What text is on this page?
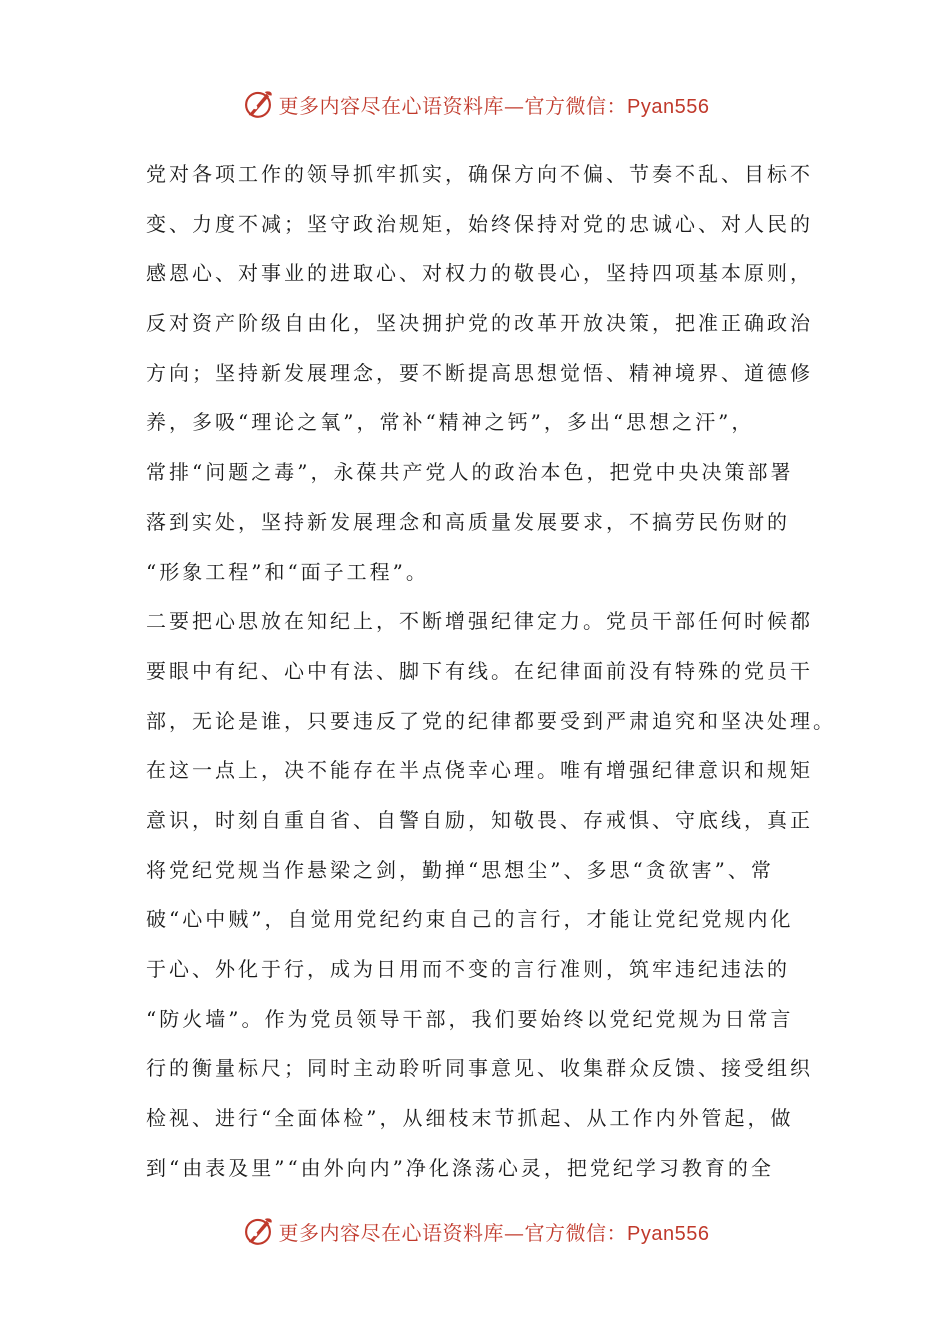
更多内容尽在心语资料库—官方微信：Pyan556
党对各项工作的领导抓牢抓实，确保方向不偏、节奏不乱、目标不
变、力度不减；坚守政治规矩，始终保持对党的忠诚心、对人民的
感恩心、对事业的进取心、对权力的敬畏心，坚持四项基本原则，
反对资产阶级自由化，坚决拥护党的改革开放决策，把准正确政治
方向；坚持新发展理念，要不断提高思想觉悟、精神境界、道德修
养，多吸“理论之氧”，常补“精神之钙”，多出“思想之汗”，
常排“问题之毒”，永葆共产党人的政治本色，把党中央决策部署
落到实处，坚持新发展理念和高质量发展要求，不搞劳民伤财的
“形象工程”和“面子工程”。
二要把心思放在知纪上，不断增强纪律定力。党员干部任何时候都
要眼中有纪、心中有法、脚下有线。在纪律面前没有特殊的党员干
部，无论是谁，只要违反了党的纪律都要受到严肃追究和坚决处理。
在这一点上，决不能存在半点侥幸心理。唯有增强纪律意识和规矩
意识，时刻自重自省、自警自励，知敬畏、存戒惧、守底线，真正
将党纪党规当作悬梁之剑，勤掸“思想尘”、多思“贪欲害”、常
破“心中贼”，自觉用党纪约束自己的言行，才能让党纪党规内化
于心、外化于行，成为日用而不变的言行准则，筑牢违纪违法的
“防火墙”。作为党员领导干部，我们要始终以党纪党规为日常言
行的衡量标尺；同时主动聆听同事意见、收集群众反馈、接受组织
检视、进行“全面体检”，从细枝末节抓起、从工作内外管起，做
到“由表及里”“由外向内”净化涤荡心灵，把党纪学习教育的全
更多内容尽在心语资料库—官方微信：Pyan556
